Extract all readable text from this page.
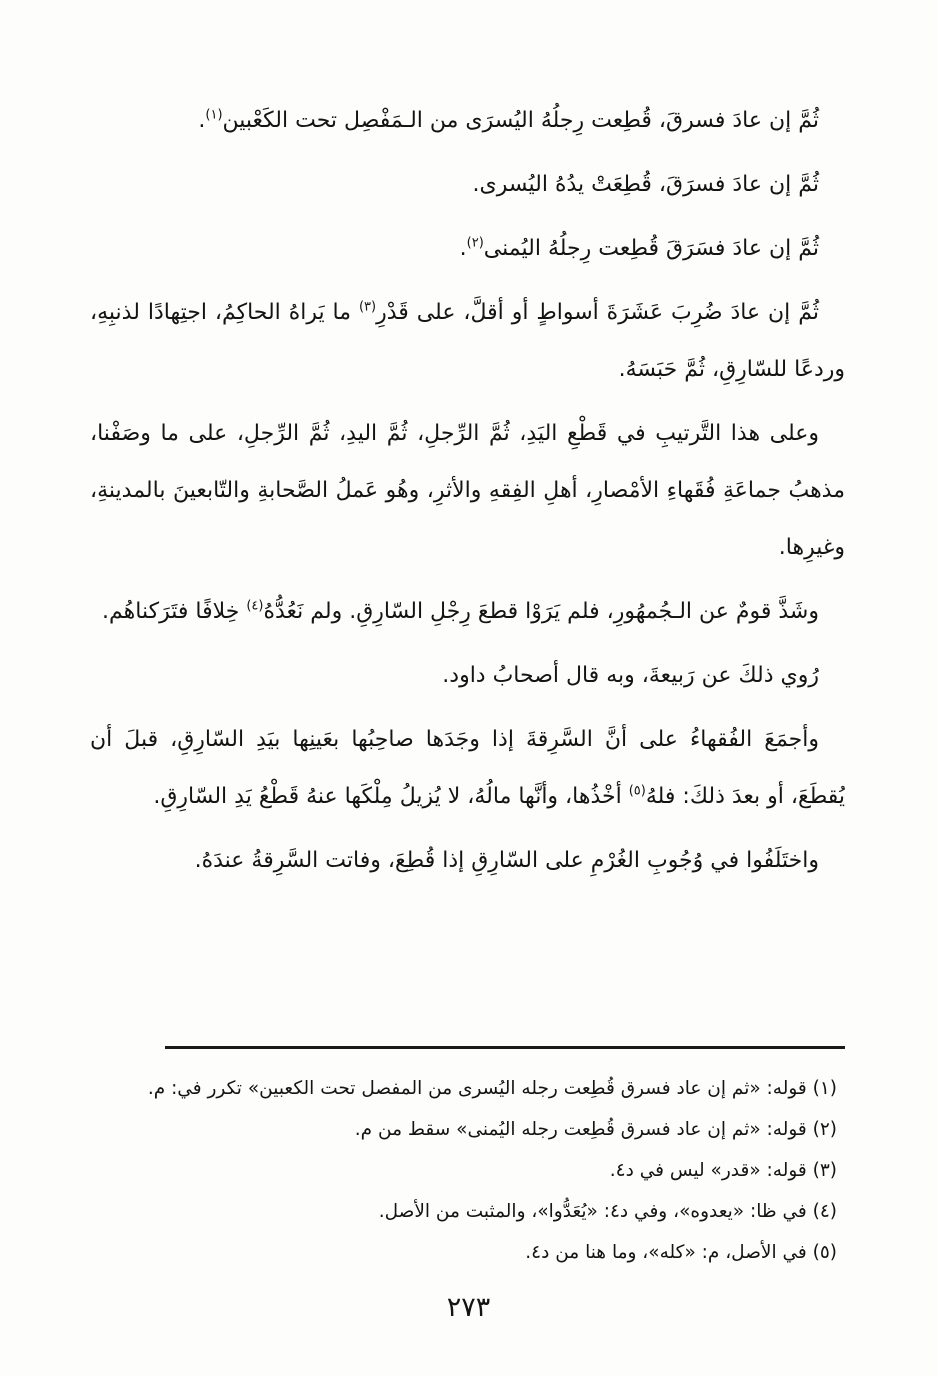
ثُمَّ إن عادَ فسرقَ، قُطِعت رِجلُهُ اليُسرَى من الـمَفْصِل تحت الكَعْبين$^{(١)}$.

ثُمَّ إن عادَ فسرَقَ، قُطِعَتْ يدُهُ اليُسرى.

ثُمَّ إن عادَ فسَرَقَ قُطِعت رِجلُهُ اليُمنى$^{(٢)}$.

ثُمَّ إن عادَ ضُرِبَ عَشَرَةَ أسواطٍ أو أقلَّ، على قَدْرِ$^{(٣)}$ ما يَراهُ الحاكِمُ، اجتِهادًا لذنبِهِ، وردعًا للسّارِقِ، ثُمَّ حَبَسَهُ.

وعلى هذا التَّرتيبِ في قَطْعِ اليَدِ، ثُمَّ الرِّجلِ، ثُمَّ اليدِ، ثُمَّ الرِّجلِ، على ما وصَفْنا، مذهبُ جماعَةِ فُقَهاءِ الأمْصارِ، أهلِ الفِقهِ والأثرِ، وهُو عَملُ الصَّحابةِ والتّابعينَ بالمدينةِ، وغيرِها.

وشَذَّ قومٌ عن الـجُمهُورِ، فلم يَرَوْا قطعَ رِجْلِ السّارِقِ. ولم نَعُدُّهُ$^{(٤)}$ خِلافًا فتَرَكناهُم.

رُوي ذلكَ عن رَبيعةَ، وبه قال أصحابُ داود.

وأجمَعَ الفُقهاءُ على أنَّ السَّرِقةَ إذا وجَدَها صاحِبُها بعَينِها بيَدِ السّارِقِ، قبلَ أن يُقطَعَ، أو بعدَ ذلكَ: فلهُ$^{(٥)}$ أخْذُها، وأنَّها مالُهُ، لا يُزيلُ مِلْكَها عنهُ قَطْعُ يَدِ السّارِقِ.

واختَلَفُوا في وُجُوبِ الغُرْمِ على السّارِقِ إذا قُطِعَ، وفاتت السَّرِقةُ عندَهُ.

(١) قوله: «ثم إن عاد فسرق قُطِعت رجله اليُسرى من المفصل تحت الكعبين» تكرر في: م.

(٢) قوله: «ثم إن عاد فسرق قُطِعت رجله اليُمنى» سقط من م.

(٣) قوله: «قدر» ليس في د٤.

(٤) في ظا: «يعدوه»، وفي د٤: «يُعَدُّوا»، والمثبت من الأصل.

(٥) في الأصل، م: «كله»، وما هنا من د٤.

٢٧٣
